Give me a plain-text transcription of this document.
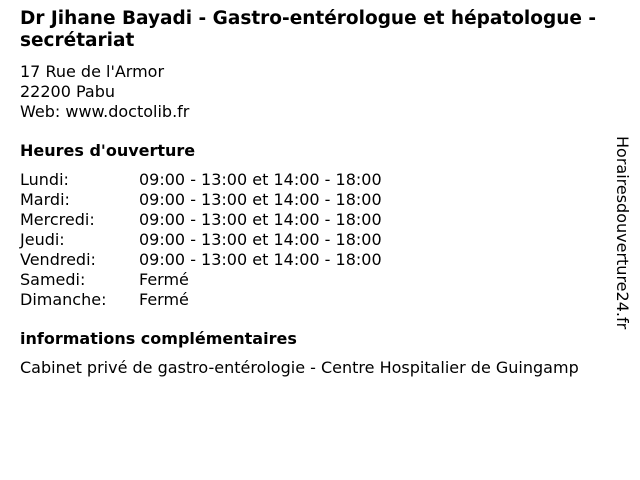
Dr Jihane Bayadi - Gastro-entérologue et hépatologue - secrétariat
17 Rue de l'Armor
22200 Pabu
Web: www.doctolib.fr
Heures d'ouverture
Lundi:	09:00 - 13:00 et 14:00 - 18:00
Mardi:	09:00 - 13:00 et 14:00 - 18:00
Mercredi:	09:00 - 13:00 et 14:00 - 18:00
Jeudi:	09:00 - 13:00 et 14:00 - 18:00
Vendredi:	09:00 - 13:00 et 14:00 - 18:00
Samedi:	Fermé
Dimanche:	Fermé
informations complémentaires
Cabinet privé de gastro-entérologie - Centre Hospitalier de Guingamp
Horairesdouverture24.fr
